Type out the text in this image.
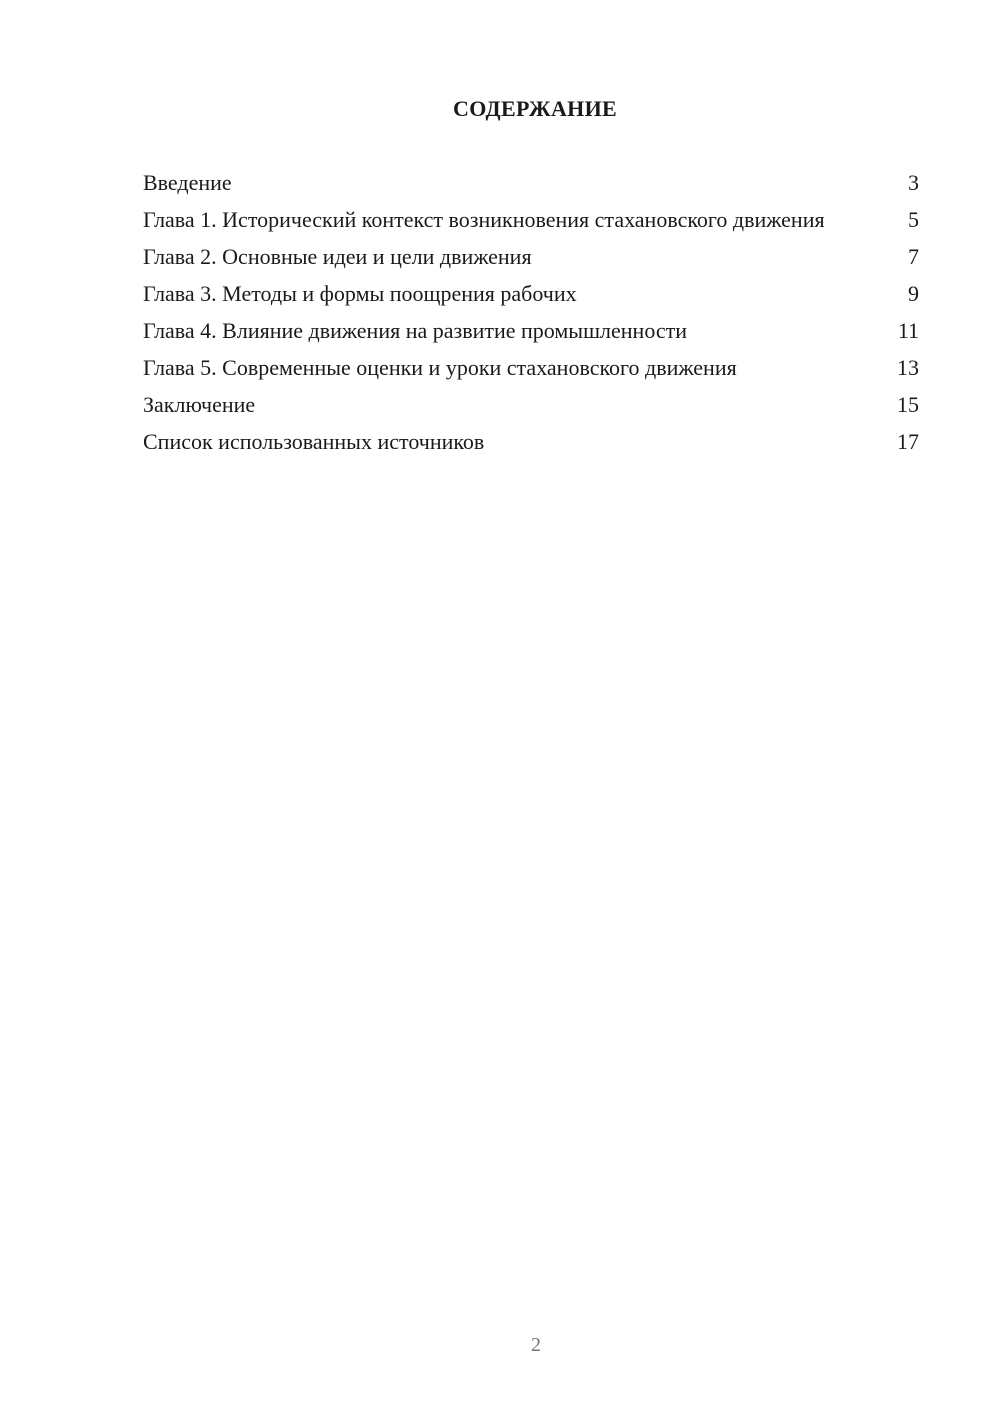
СОДЕРЖАНИЕ
Введение	3
Глава 1. Исторический контекст возникновения стахановского движения	5
Глава 2. Основные идеи и цели движения	7
Глава 3. Методы и формы поощрения рабочих	9
Глава 4. Влияние движения на развитие промышленности	11
Глава 5. Современные оценки и уроки стахановского движения	13
Заключение	15
Список использованных источников	17
2
